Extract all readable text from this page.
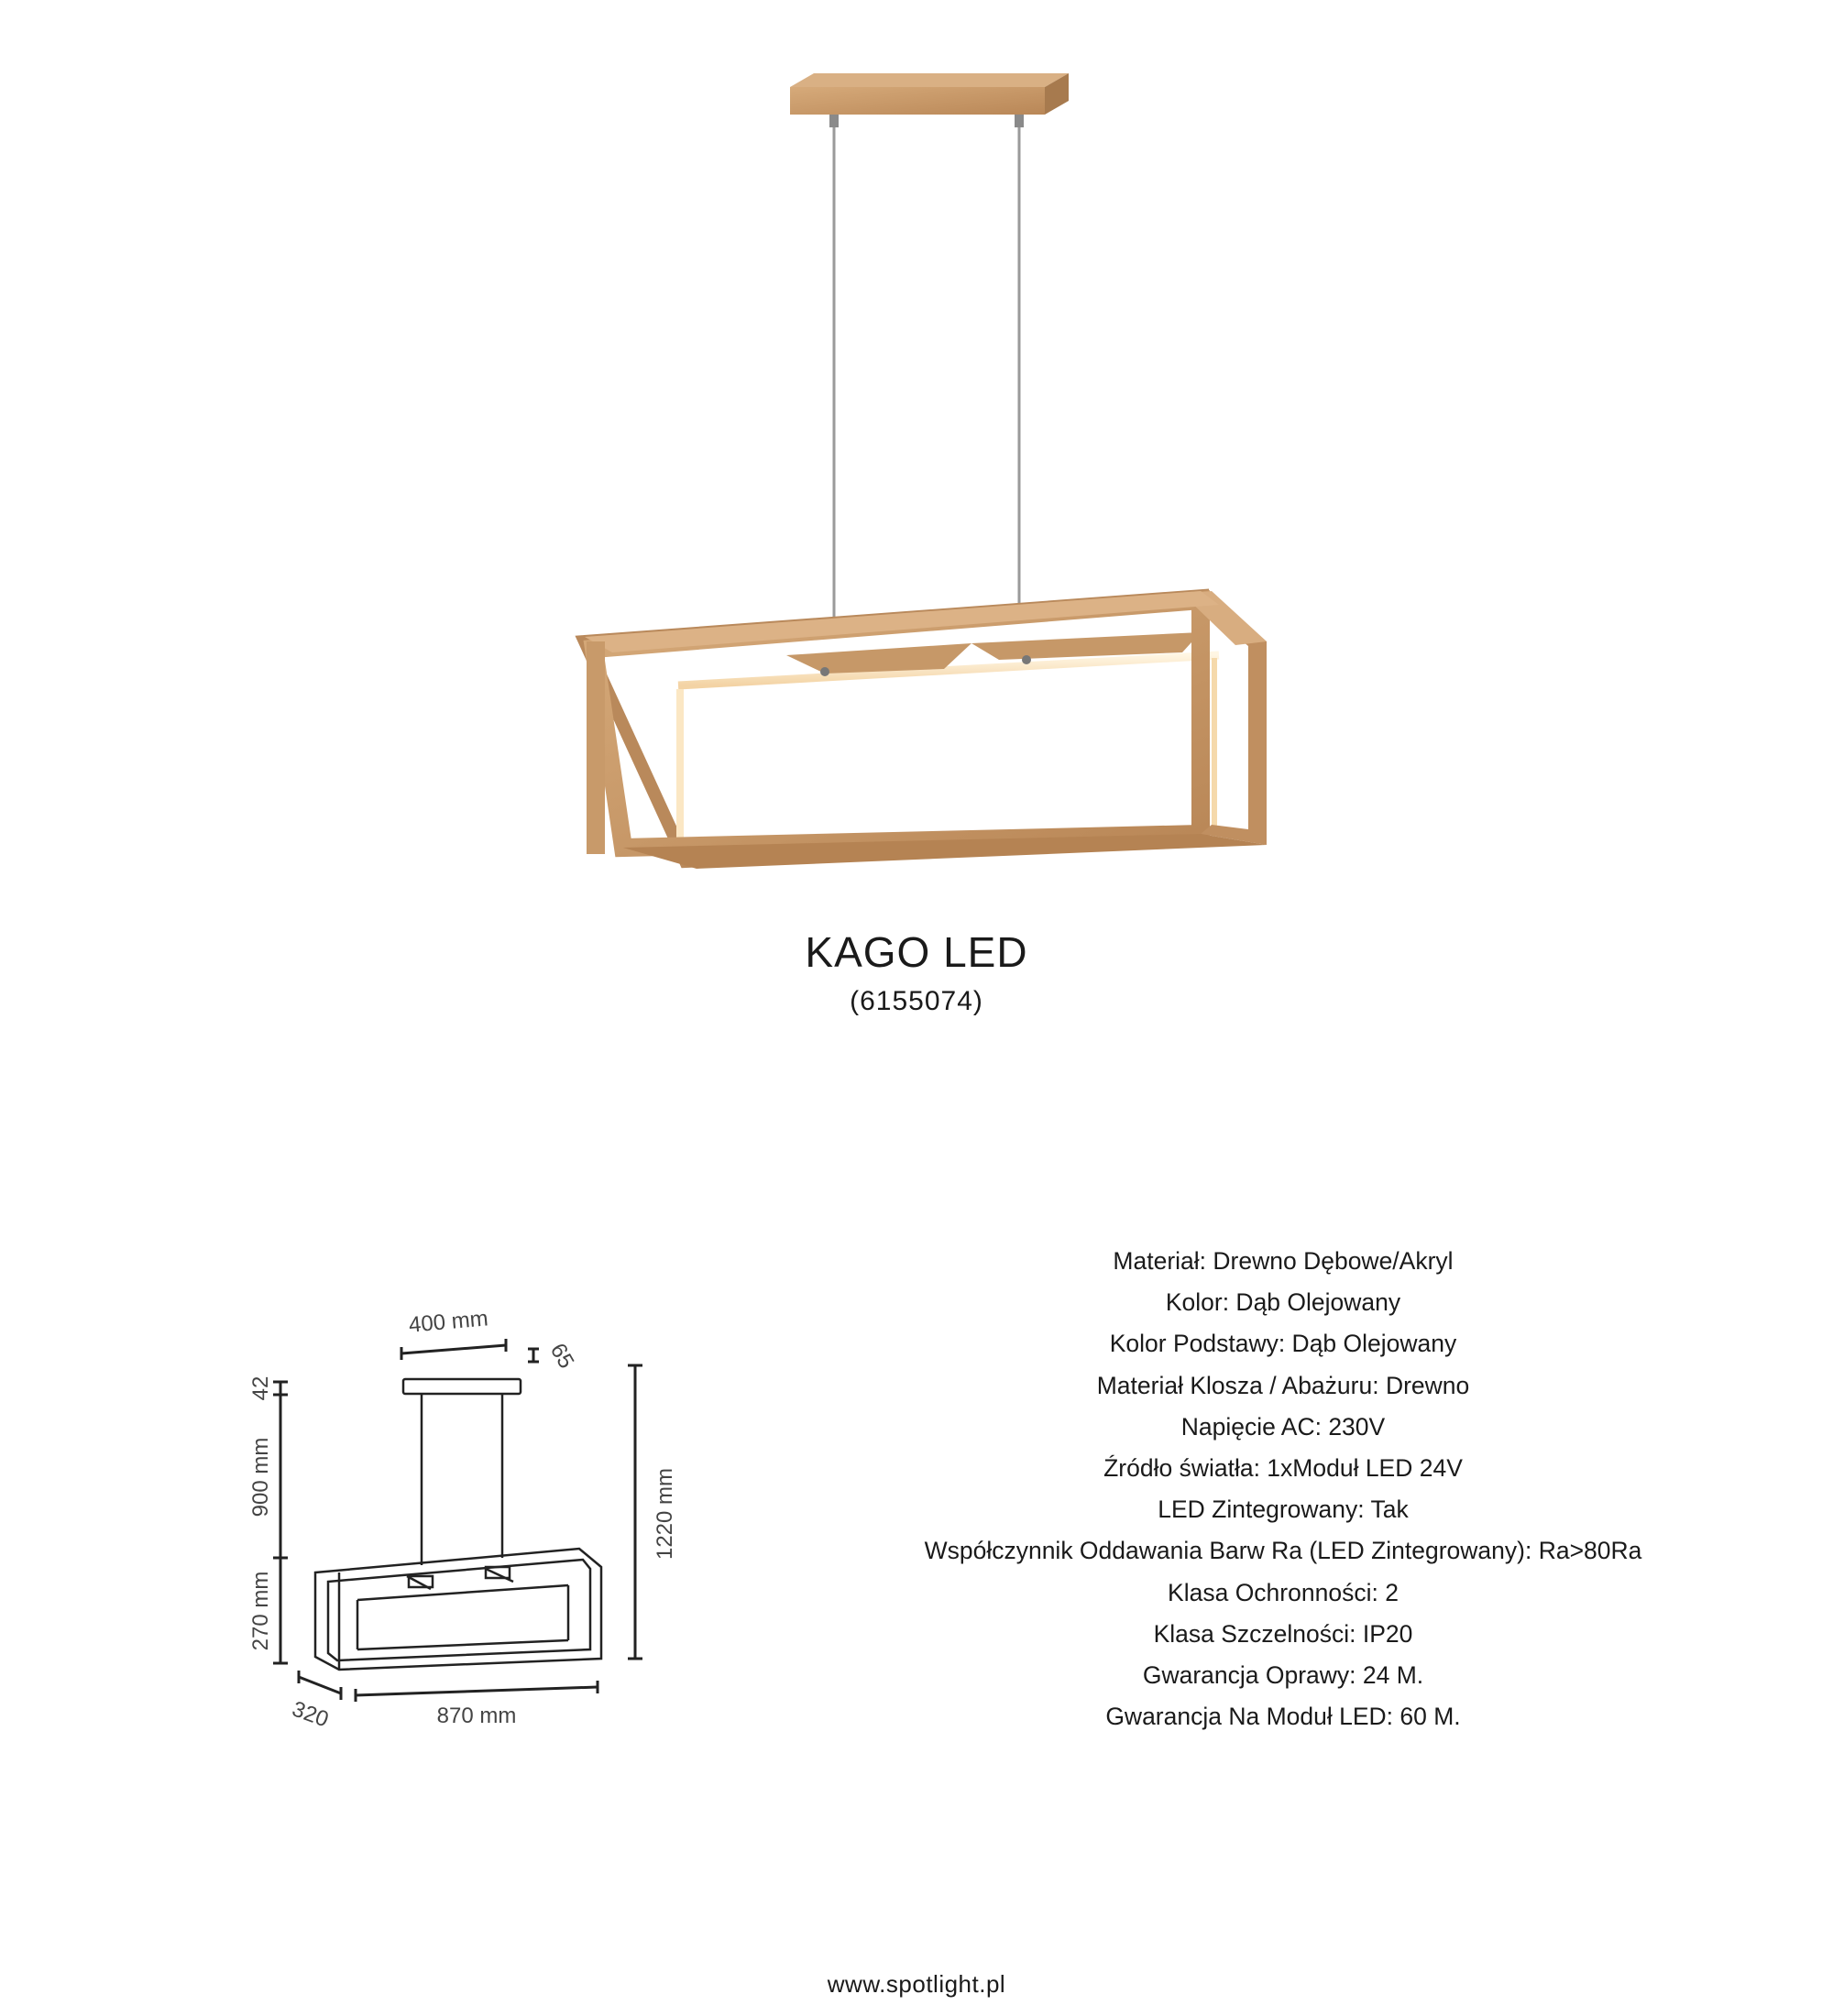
KAGO LED
(6155074)
400 mm
65
42
900 mm
270 mm
1220 mm
320	870 mm
Materiał: Drewno Dębowe/Akryl
Kolor: Dąb Olejowany
Kolor Podstawy: Dąb Olejowany
Materiał Klosza / Abażuru: Drewno
Napięcie AC: 230V
Źródło światła: 1xModuł LED 24V
LED Zintegrowany: Tak
Współczynnik Oddawania Barw Ra (LED Zintegrowany): Ra>80Ra
Klasa Ochronności: 2
Klasa Szczelności: IP20
Gwarancja Oprawy: 24 M.
Gwarancja Na Moduł LED: 60 M.
www.spotlight.pl
